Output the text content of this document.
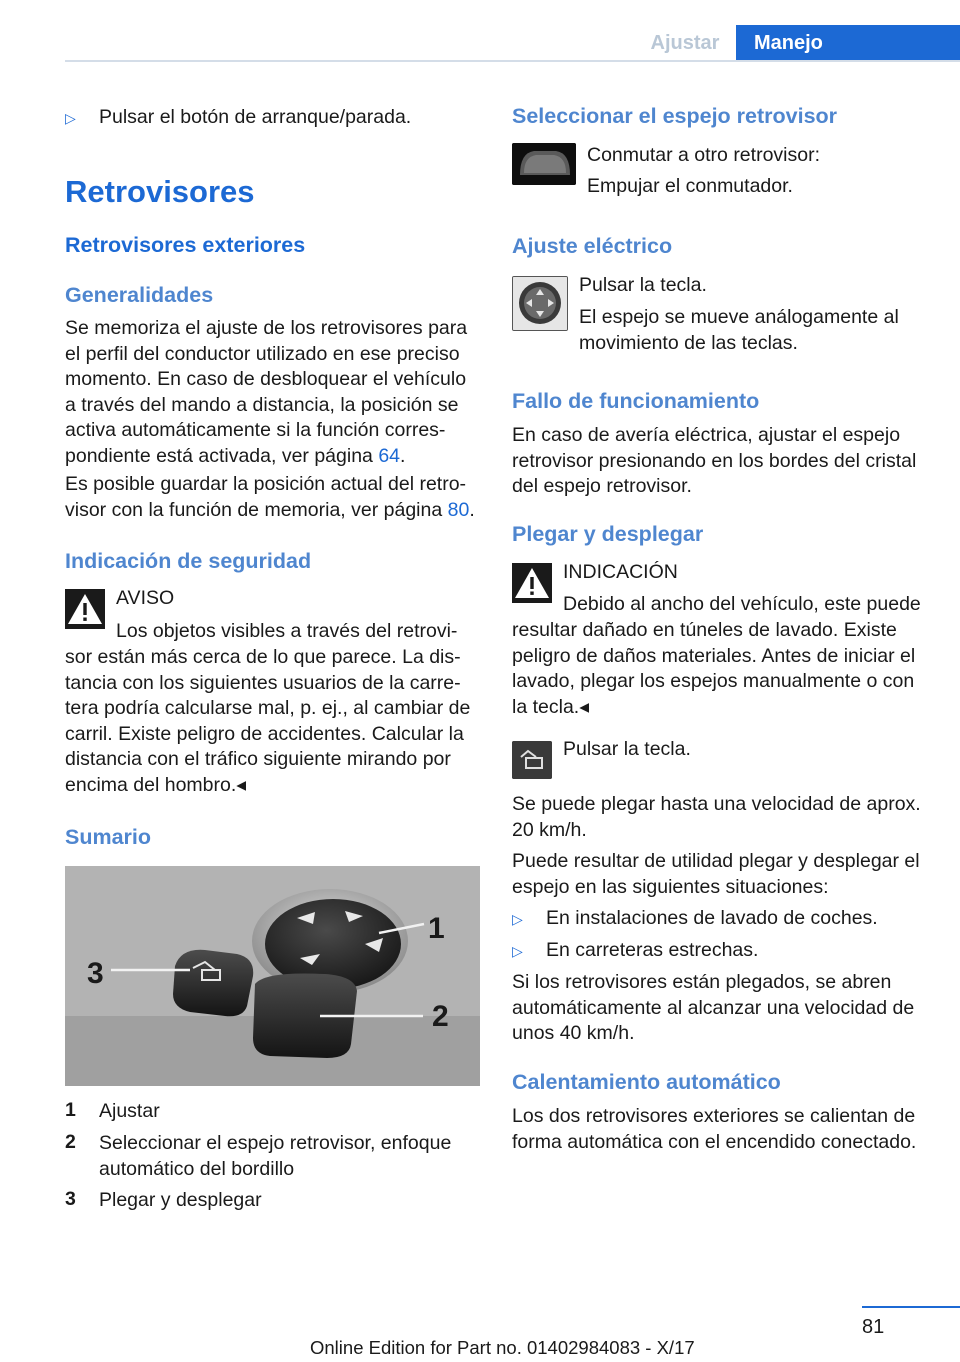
Ajustar	Manejo
▷ Pulsar el botón de arranque/parada.
Retrovisores
Retrovisores exteriores
Generalidades
Se memoriza el ajuste de los retrovisores para
el perfil del conductor utilizado en ese preciso
momento. En caso de desbloquear el vehículo
a través del mando a distancia, la posición se
activa automáticamente si la función corres‐
pondiente está activada, ver página 64.
Es posible guardar la posición actual del retro‐
visor con la función de memoria, ver página 80.
Indicación de seguridad
AVISO
Los objetos visibles a través del retrovi‐
sor están más cerca de lo que parece. La dis‐
tancia con los siguientes usuarios de la carre‐
tera podría calcularse mal, p. ej., al cambiar de
carril. Existe peligro de accidentes. Calcular la
distancia con el tráfico siguiente mirando por
encima del hombro.◂
Sumario
1
2
3
1 Ajustar
2 Seleccionar el espejo retrovisor, enfoque
automático del bordillo
3 Plegar y desplegar
Seleccionar el espejo retrovisor
Conmutar a otro retrovisor:
Empujar el conmutador.
Ajuste eléctrico
Pulsar la tecla.
El espejo se mueve análogamente al
movimiento de las teclas.
Fallo de funcionamiento
En caso de avería eléctrica, ajustar el espejo
retrovisor presionando en los bordes del cristal
del espejo retrovisor.
Plegar y desplegar
INDICACIÓN
Debido al ancho del vehículo, este puede
resultar dañado en túneles de lavado. Existe
peligro de daños materiales. Antes de iniciar el
lavado, plegar los espejos manualmente o con
la tecla.◂
Pulsar la tecla.
Se puede plegar hasta una velocidad de aprox.
20 km/h.
Puede resultar de utilidad plegar y desplegar el
espejo en las siguientes situaciones:
▷ En instalaciones de lavado de coches.
▷ En carreteras estrechas.
Si los retrovisores están plegados, se abren
automáticamente al alcanzar una velocidad de
unos 40 km/h.
Calentamiento automático
Los dos retrovisores exteriores se calientan de
forma automática con el encendido conectado.
81
Online Edition for Part no. 01402984083 - X/17
